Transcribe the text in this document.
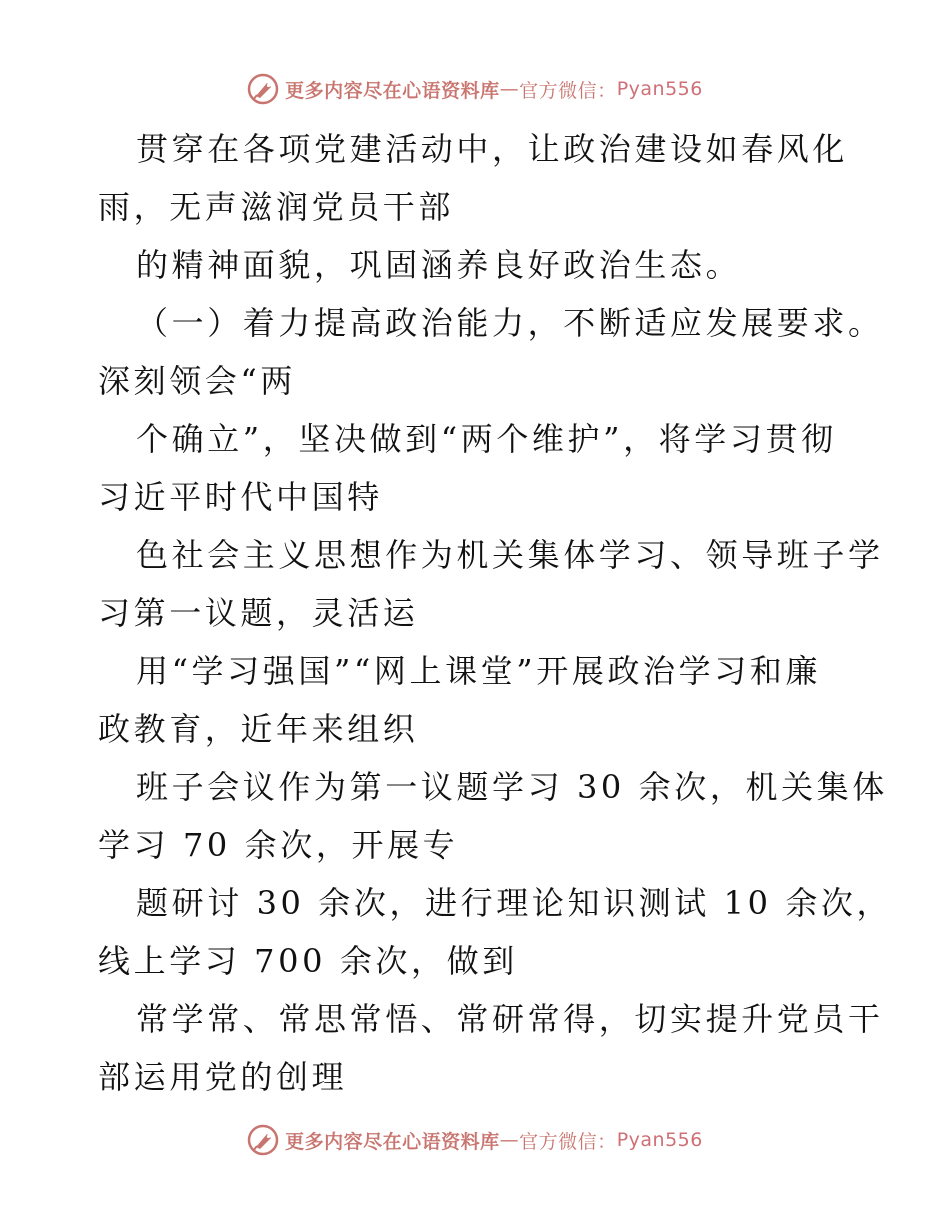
更多内容尽在心语资料库 — 官方微信： Pyan556
贯穿在各项党建活动中，让政治建设如春风化
雨，无声滋润党员干部
的精神面貌，巩固涵养良好政治生态。
（一）着力提高政治能力，不断适应发展要求。
深刻领会“两
个确立”，坚决做到“两个维护”，将学习贯彻
习近平时代中国特
色社会主义思想作为机关集体学习、领导班子学
习第一议题，灵活运
用“学习强国”“网上课堂”开展政治学习和廉
政教育，近年来组织
班子会议作为第一议题学习 30 余次，机关集体
学习 70 余次，开展专
题研讨 30 余次，进行理论知识测试 10 余次，
线上学习 700 余次，做到
常学常、常思常悟、常研常得，切实提升党员干
部运用党的创理
更多内容尽在心语资料库 — 官方微信： Pyan556
